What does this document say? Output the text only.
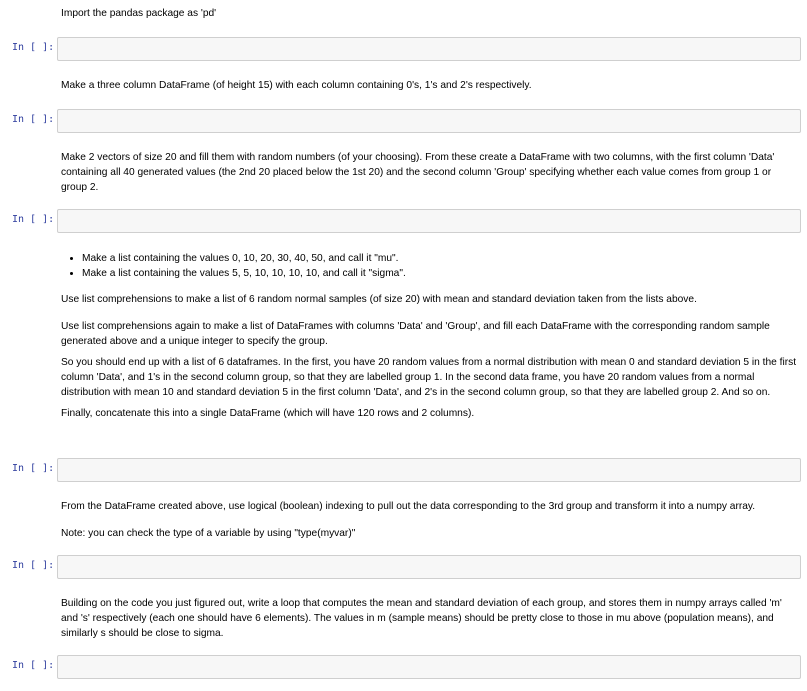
Import the pandas package as 'pd'

In [ ]:

Make a three column DataFrame (of height 15) with each column containing 0's, 1's and 2's respectively.

In [ ]:

Make 2 vectors of size 20 and fill them with random numbers (of your choosing). From these create a DataFrame with two columns, with the first column 'Data' containing all 40 generated values (the 2nd 20 placed below the 1st 20) and the second column 'Group' specifying whether each value comes from group 1 or group 2.

In [ ]:
• Make a list containing the values 0, 10, 20, 30, 40, 50, and call it "mu".
• Make a list containing the values 5, 5, 10, 10, 10, 10, and call it "sigma".

Use list comprehensions to make a list of 6 random normal samples (of size 20) with mean and standard deviation taken from the lists above.

Use list comprehensions again to make a list of DataFrames with columns 'Data' and 'Group', and fill each DataFrame with the corresponding random sample generated above and a unique integer to specify the group.

So you should end up with a list of 6 dataframes. In the first, you have 20 random values from a normal distribution with mean 0 and standard deviation 5 in the first column 'Data', and 1's in the second column group, so that they are labelled group 1. In the second data frame, you have 20 random values from a normal distribution with mean 10 and standard deviation 5 in the first column 'Data', and 2's in the second column group, so that they are labelled group 2. And so on.

Finally, concatenate this into a single DataFrame (which will have 120 rows and 2 columns).

In [ ]:

From the DataFrame created above, use logical (boolean) indexing to pull out the data corresponding to the 3rd group and transform it into a numpy array.

Note: you can check the type of a variable by using "type(myvar)"

In [ ]:

Building on the code you just figured out, write a loop that computes the mean and standard deviation of each group, and stores them in numpy arrays called 'm' and 's' respectively (each one should have 6 elements). The values in m (sample means) should be pretty close to those in mu above (population means), and similarly s should be close to sigma.

In [ ]:
